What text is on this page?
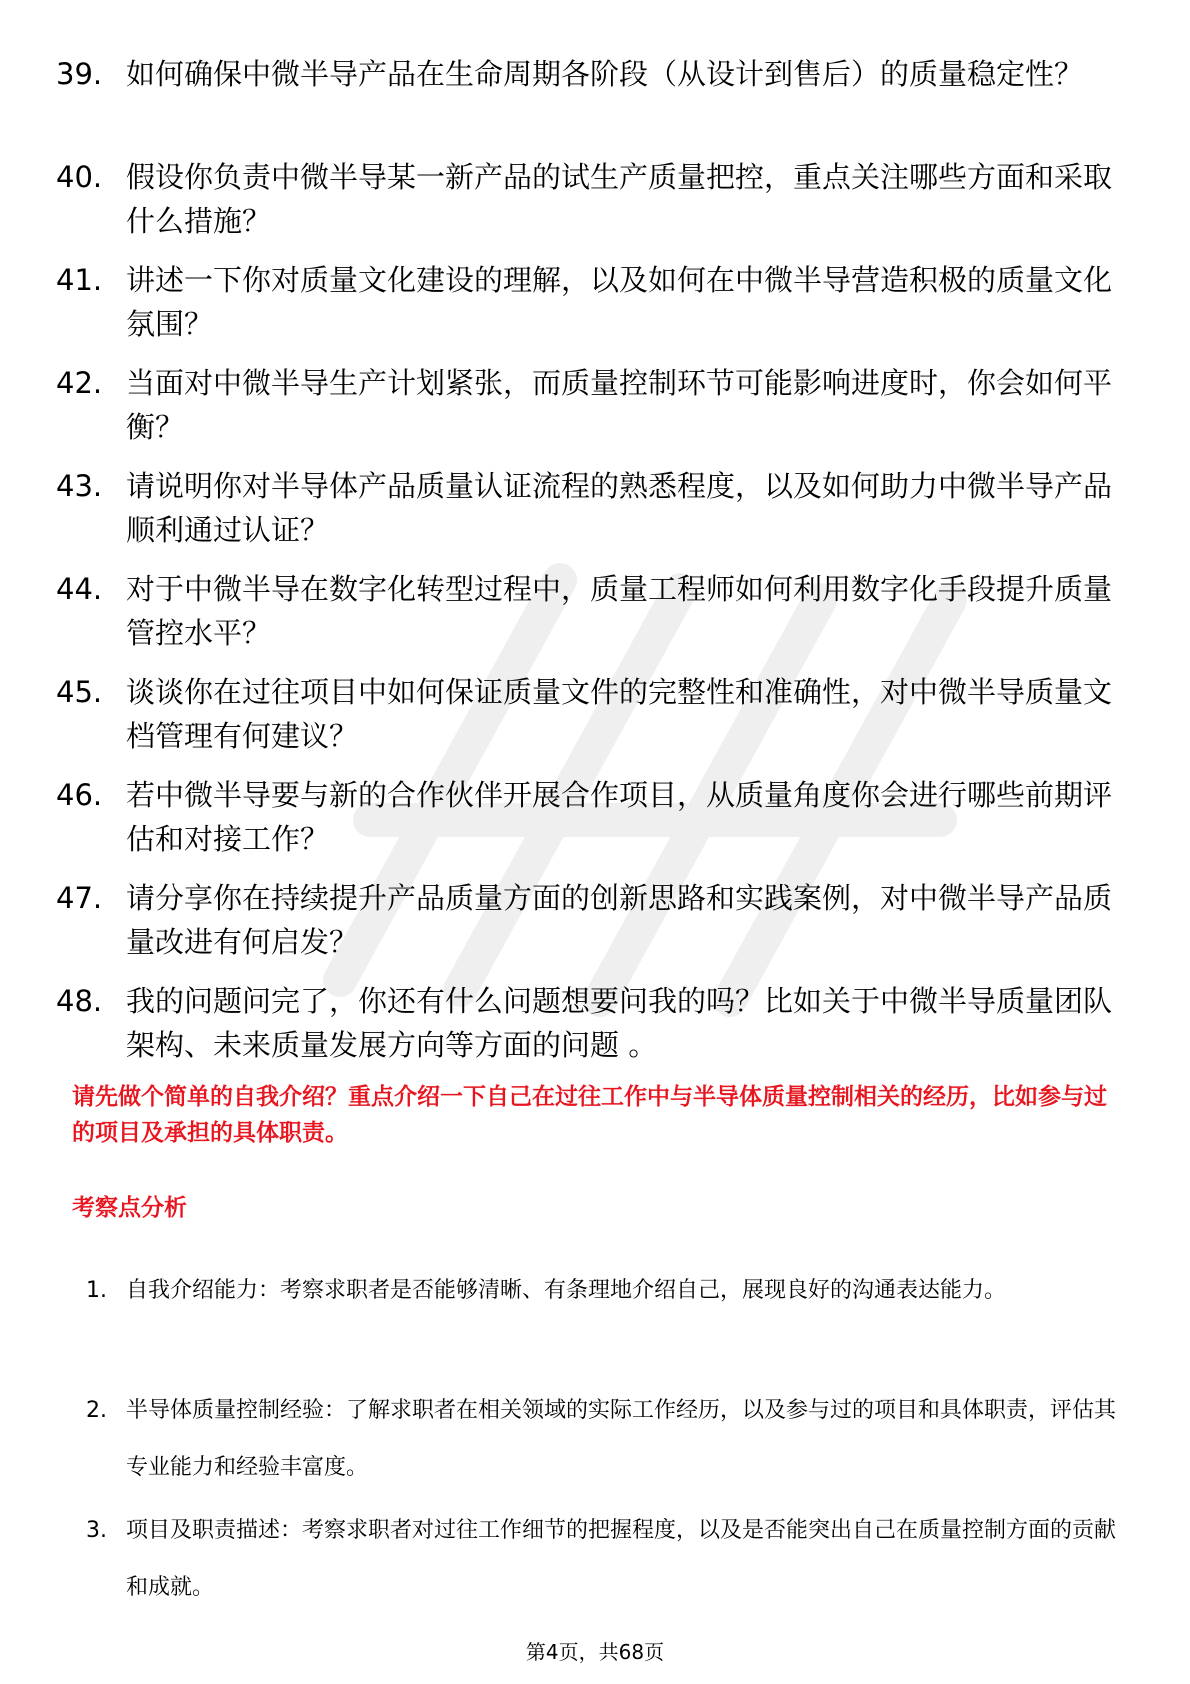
39. 如何确保中微半导产品在生命周期各阶段（从设计到售后）的质量稳定性？
40. 假设你负责中微半导某一新产品的试生产质量把控，重点关注哪些方面和采取什么措施？
41. 讲述一下你对质量文化建设的理解，以及如何在中微半导营造积极的质量文化氛围？
42. 当面对中微半导生产计划紧张，而质量控制环节可能影响进度时，你会如何平衡？
43. 请说明你对半导体产品质量认证流程的熟悉程度，以及如何助力中微半导产品顺利通过认证？
44. 对于中微半导在数字化转型过程中，质量工程师如何利用数字化手段提升质量管控水平？
45. 谈谈你在过往项目中如何保证质量文件的完整性和准确性，对中微半导质量文档管理有何建议？
46. 若中微半导要与新的合作伙伴开展合作项目，从质量角度你会进行哪些前期评估和对接工作？
47. 请分享你在持续提升产品质量方面的创新思路和实践案例，对中微半导产品质量改进有何启发？
48. 我的问题问完了，你还有什么问题想要问我的吗？比如关于中微半导质量团队架构、未来质量发展方向等方面的问题 。
请先做个简单的自我介绍？重点介绍一下自己在过往工作中与半导体质量控制相关的经历，比如参与过的项目及承担的具体职责。
考察点分析
1. 自我介绍能力：考察求职者是否能够清晰、有条理地介绍自己，展现良好的沟通表达能力。
2. 半导体质量控制经验：了解求职者在相关领域的实际工作经历，以及参与过的项目和具体职责，评估其专业能力和经验丰富度。
3. 项目及职责描述：考察求职者对过往工作细节的把握程度，以及是否能突出自己在质量控制方面的贡献和成就。
第4页，共68页
